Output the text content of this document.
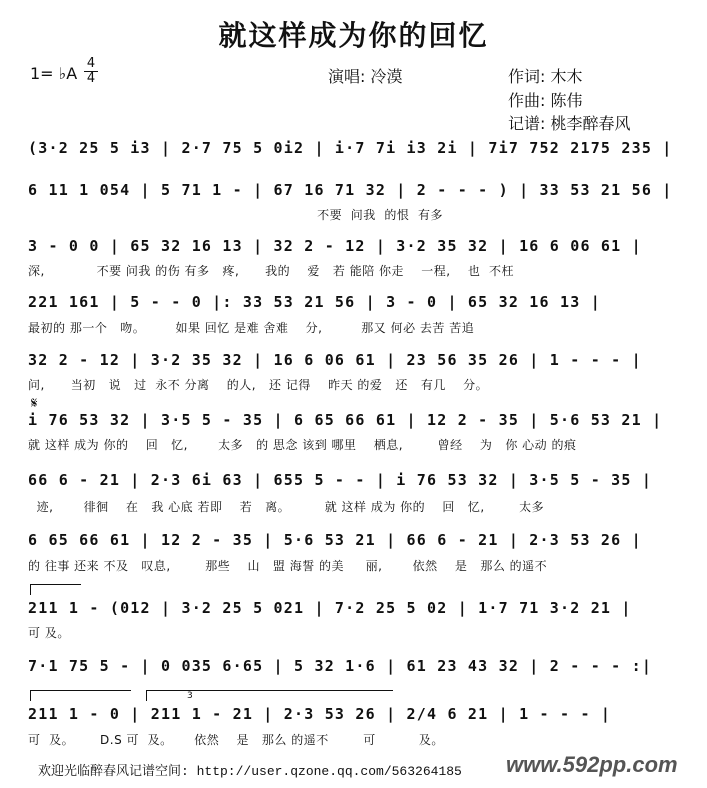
就这样成为你的回忆
1= ♭A
4
4	演唱: 冷漠	作词: 木木
作曲: 陈伟
记谱: 桃李醉春风
(3·2 25 5 i3 | 2·7 75 5 0i2 | i·7 7i i3 2i | 7i7 752 2175 235 |
6 11 1 054 | 5 71 1 - | 67 16 71 32 | 2 - - - ) | 33 53 21 56 |
不要  问我  的恨  有多
3 - 0 0 | 65 32 16 13 | 32 2 - 12 | 3·2 35 32 | 16 6 06 61 |
深,            不要 问我 的伤 有多   疼,      我的    爱   若 能陪 你走    一程,    也  不枉
221 161 | 5 - - 0 |: 33 53 21 56 | 3 - 0 | 65 32 16 13 |
最初的 那一个   吻。       如果 回忆 是难 舍难    分,         那又 何必 去苦 苦追
32 2 - 12 | 3·2 35 32 | 16 6 06 61 | 23 56 35 26 | 1 - - - |
问,      当初   说   过  永不 分离    的人,   还 记得    昨天 的爱   还   有几    分。
𝄋
i 76 53 32 | 3·5 5 - 35 | 6 65 66 61 | 12 2 - 35 | 5·6 53 21 |
就 这样 成为 你的    回   忆,       太多   的 思念 该到 哪里    栖息,        曾经    为   你 心动 的痕
66 6 - 21 | 2·3 6i 63 | 655 5 - - | i 76 53 32 | 3·5 5 - 35 |
迹,       徘徊    在   我 心底 若即    若   离。        就 这样 成为 你的    回   忆,        太多
6 65 66 61 | 12 2 - 35 | 5·6 53 21 | 66 6 - 21 | 2·3 53 26 |
的 往事 还来 不及   叹息,        那些    山   盟 海誓 的美     丽,       依然    是   那么 的遥不
211 1 - (012 | 3·2 25 5 021 | 7·2 25 5 02 | 1·7 71 3·2 21 |
可 及。
7·1 75 5 - | 0 035 6·65 | 5 32 1·6 | 61 23 43 32 | 2 - - - :|
3
211 1 - 0 | 211 1 - 21 | 2·3 53 26 | 2/4 6 21 | 1 - - - |
可  及。      D.S 可  及。     依然    是   那么 的遥不        可          及。
欢迎光临醉春风记谱空间: http://user.qzone.qq.com/563264185 www.592pp.com
